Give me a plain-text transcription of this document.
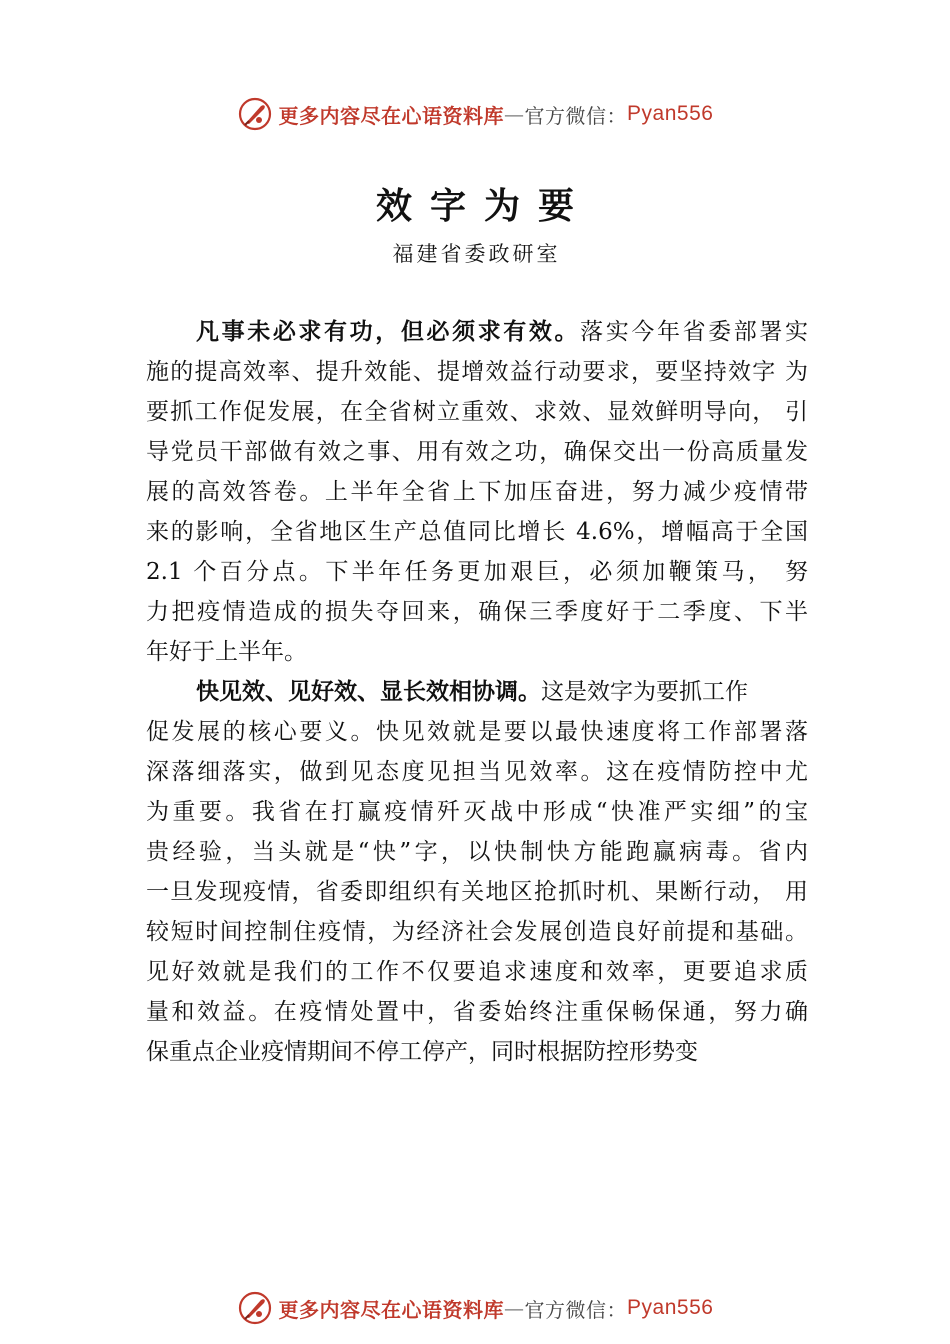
更多内容尽在心语资料库 — 官方微信： Pyan556
效字为要
福建省委政研室
凡事未必求有功，但必须求有效。落实今年省委部署实
施的提高效率、提升效能、提增效益行动要求，要坚持效字 为
要抓工作促发展，在全省树立重效、求效、显效鲜明导向， 引
导党员干部做有效之事、用有效之功，确保交出一份高质量发
展的高效答卷。上半年全省上下加压奋进，努力减少疫情带
来的影响，全省地区生产总值同比增长 4.6%，增幅高于全国
2.1 个百分点。下半年任务更加艰巨，必须加鞭策马， 努
力把疫情造成的损失夺回来，确保三季度好于二季度、下半
年好于上半年。
快见效、见好效、显长效相协调。这是效字为要抓工作
促发展的核心要义。快见效就是要以最快速度将工作部署落
深落细落实，做到见态度见担当见效率。这在疫情防控中尤
为重要。我省在打赢疫情歼灭战中形成“快准严实细”的宝
贵经验，当头就是“快”字，以快制快方能跑赢病毒。省内
一旦发现疫情，省委即组织有关地区抢抓时机、果断行动， 用
较短时间控制住疫情，为经济社会发展创造良好前提和基础。
见好效就是我们的工作不仅要追求速度和效率，更要追求质
量和效益。在疫情处置中，省委始终注重保畅保通，努力确
保重点企业疫情期间不停工停产，同时根据防控形势变
更多内容尽在心语资料库 — 官方微信： Pyan556
